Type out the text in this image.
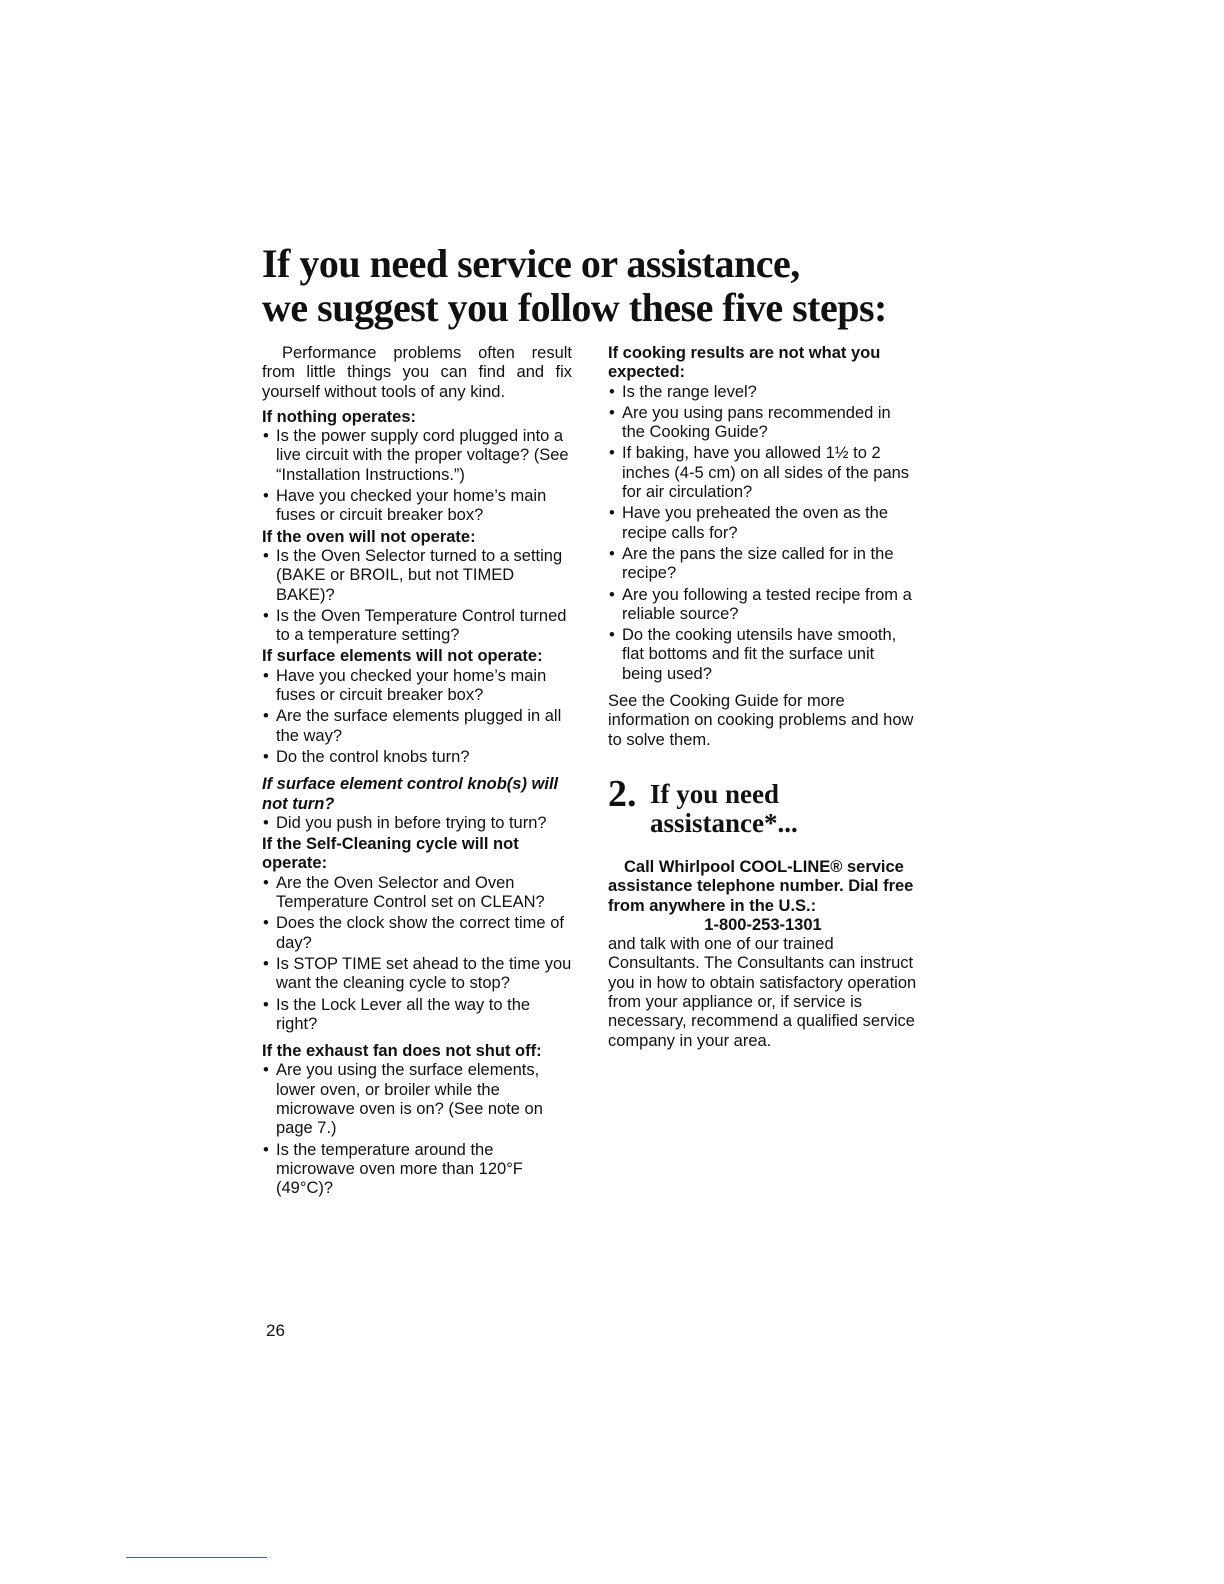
If you need service or assistance,
we suggest you follow these five steps:

Performance problems often result from little things you can find and fix yourself without tools of any kind.

If nothing operates:

• Is the power supply cord plugged into a live circuit with the proper voltage? (See “Installation Instructions.”)
• Have you checked your home’s main fuses or circuit breaker box?

If the oven will not operate:

• Is the Oven Selector turned to a setting (BAKE or BROIL, but not TIMED BAKE)?
• Is the Oven Temperature Control turned to a temperature setting?

If surface elements will not operate:

• Have you checked your home’s main fuses or circuit breaker box?
• Are the surface elements plugged in all the way?
• Do the control knobs turn?

If surface element control knob(s) will not turn?

• Did you push in before trying to turn?

If the Self-Cleaning cycle will not operate:

• Are the Oven Selector and Oven Temperature Control set on CLEAN?
• Does the clock show the correct time of day?
• Is STOP TIME set ahead to the time you want the cleaning cycle to stop?
• Is the Lock Lever all the way to the right?

If the exhaust fan does not shut off:

• Are you using the surface elements, lower oven, or broiler while the microwave oven is on? (See note on page 7.)
• Is the temperature around the microwave oven more than 120°F (49°C)?

If cooking results are not what you expected:

• Is the range level?
• Are you using pans recommended in the Cooking Guide?
• If baking, have you allowed 1½ to 2 inches (4-5 cm) on all sides of the pans for air circulation?
• Have you preheated the oven as the recipe calls for?
• Are the pans the size called for in the recipe?
• Are you following a tested recipe from a reliable source?
• Do the cooking utensils have smooth, flat bottoms and fit the surface unit being used?

See the Cooking Guide for more information on cooking problems and how to solve them.

2. If you need assistance*...

Call Whirlpool COOL-LINE® service assistance telephone number. Dial free from anywhere in the U.S.:

1-800-253-1301

and talk with one of our trained Consultants. The Consultants can instruct you in how to obtain satisfactory operation from your appliance or, if service is necessary, recommend a qualified service company in your area.

26
